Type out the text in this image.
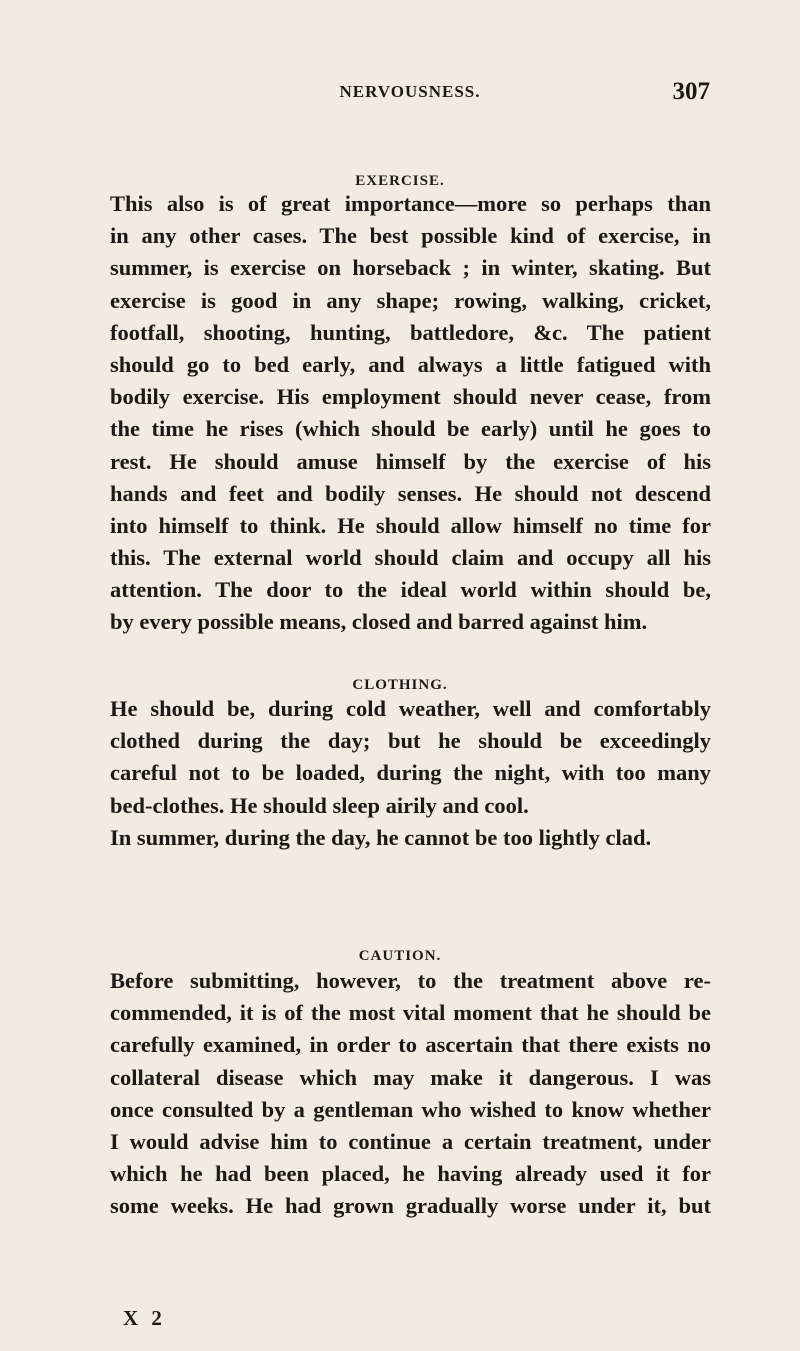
NERVOUSNESS.	307
EXERCISE.
This also is of great importance—more so perhaps than
in any other cases. The best possible kind of exercise, in
summer, is exercise on horseback ; in winter, skating. But
exercise is good in any shape; rowing, walking, cricket,
footfall, shooting, hunting, battledore, &c. The patient
should go to bed early, and always a little fatigued with
bodily exercise. His employment should never cease, from
the time he rises (which should be early) until he goes to
rest. He should amuse himself by the exercise of his
hands and feet and bodily senses. He should not descend
into himself to think. He should allow himself no time for
this. The external world should claim and occupy all his
attention. The door to the ideal world within should be,
by every possible means, closed and barred against him.
CLOTHING.
He should be, during cold weather, well and comfortably
clothed during the day; but he should be exceedingly
careful not to be loaded, during the night, with too many
bed-clothes. He should sleep airily and cool.
In summer, during the day, he cannot be too lightly clad.
CAUTION.
Before submitting, however, to the treatment above re-
commended, it is of the most vital moment that he should be
carefully examined, in order to ascertain that there exists no
collateral disease which may make it dangerous. I was
once consulted by a gentleman who wished to know whether
I would advise him to continue a certain treatment, under
which he had been placed, he having already used it for
some weeks. He had grown gradually worse under it, but
X 2
